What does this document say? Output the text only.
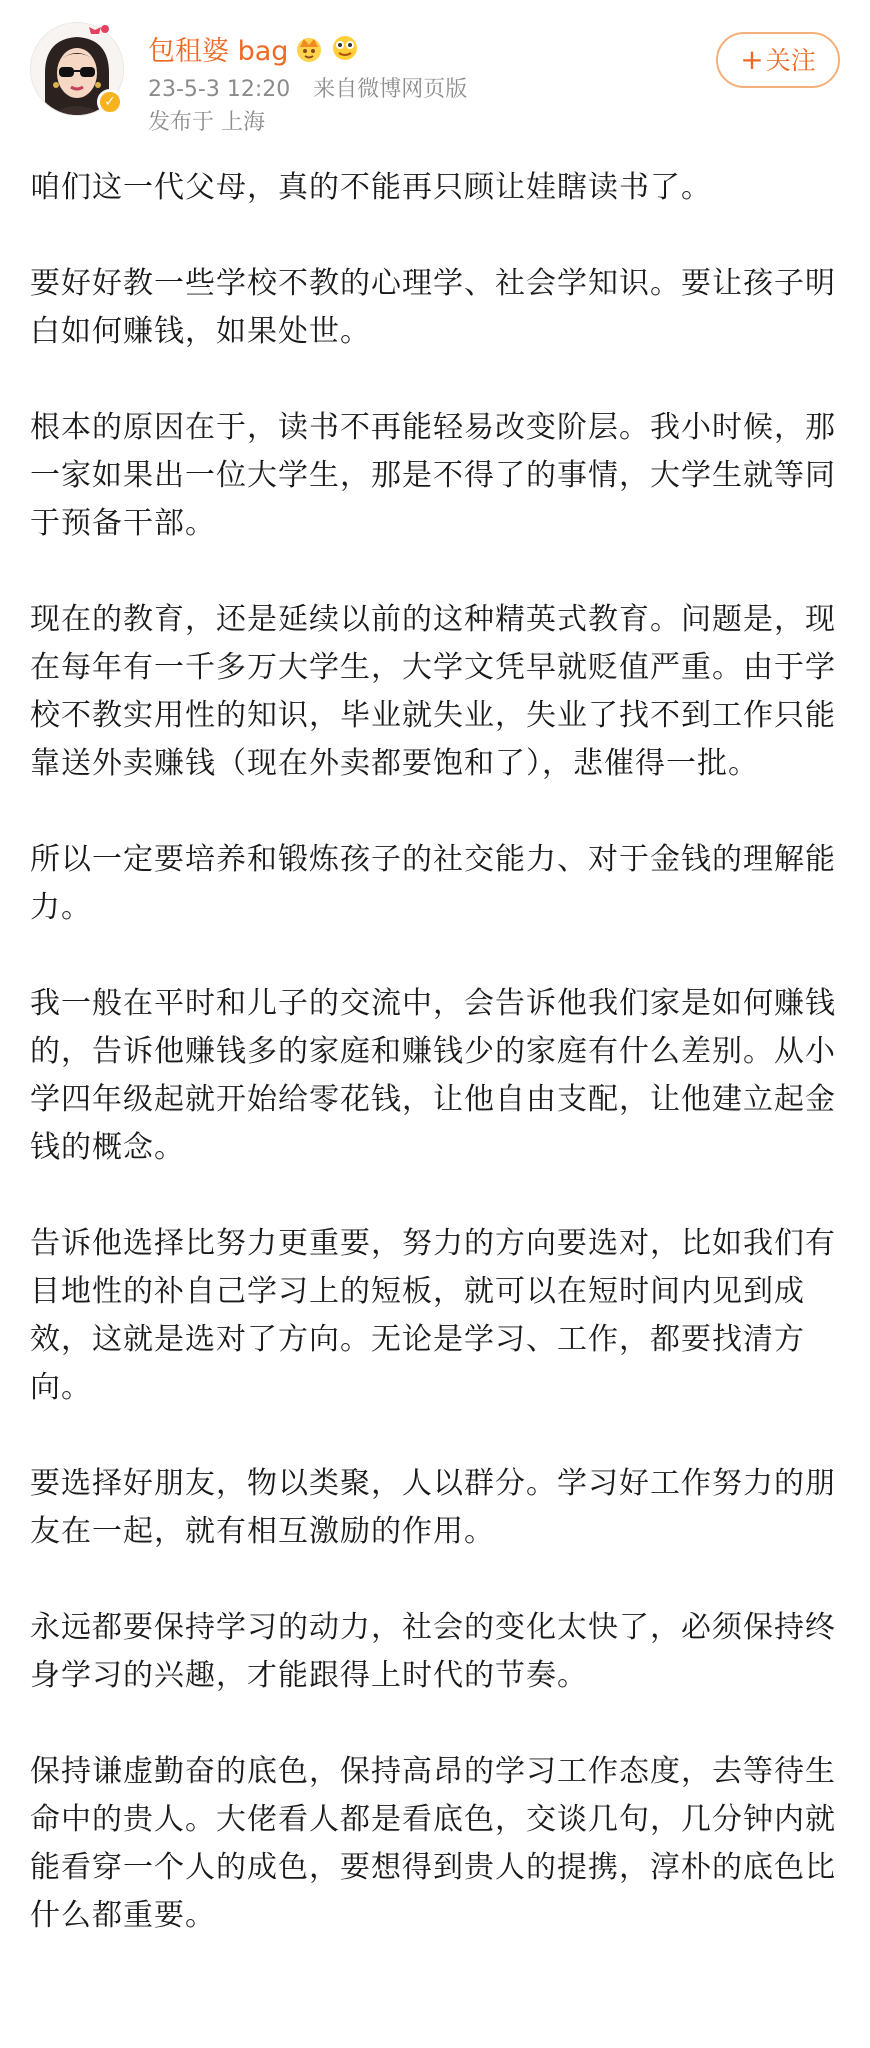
✓
包租婆 bag
23-5-3 12:20 来自微博网页版
发布于 上海
+关注

咱们这一代父母，真的不能再只顾让娃瞎读书了。

要好好教一些学校不教的心理学、社会学知识。要让孩子明白如何赚钱，如果处世。

根本的原因在于，读书不再能轻易改变阶层。我小时候，那一家如果出一位大学生，那是不得了的事情，大学生就等同于预备干部。

现在的教育，还是延续以前的这种精英式教育。问题是，现在每年有一千多万大学生，大学文凭早就贬值严重。由于学校不教实用性的知识，毕业就失业，失业了找不到工作只能靠送外卖赚钱（现在外卖都要饱和了），悲催得一批。

所以一定要培养和锻炼孩子的社交能力、对于金钱的理解能力。

我一般在平时和儿子的交流中，会告诉他我们家是如何赚钱的，告诉他赚钱多的家庭和赚钱少的家庭有什么差别。从小学四年级起就开始给零花钱，让他自由支配，让他建立起金钱的概念。

告诉他选择比努力更重要，努力的方向要选对，比如我们有目地性的补自己学习上的短板，就可以在短时间内见到成效，这就是选对了方向。无论是学习、工作，都要找清方向。

要选择好朋友，物以类聚，人以群分。学习好工作努力的朋友在一起，就有相互激励的作用。

永远都要保持学习的动力，社会的变化太快了，必须保持终身学习的兴趣，才能跟得上时代的节奏。

保持谦虚勤奋的底色，保持高昂的学习工作态度，去等待生命中的贵人。大佬看人都是看底色，交谈几句，几分钟内就能看穿一个人的成色，要想得到贵人的提携，淳朴的底色比什么都重要。
